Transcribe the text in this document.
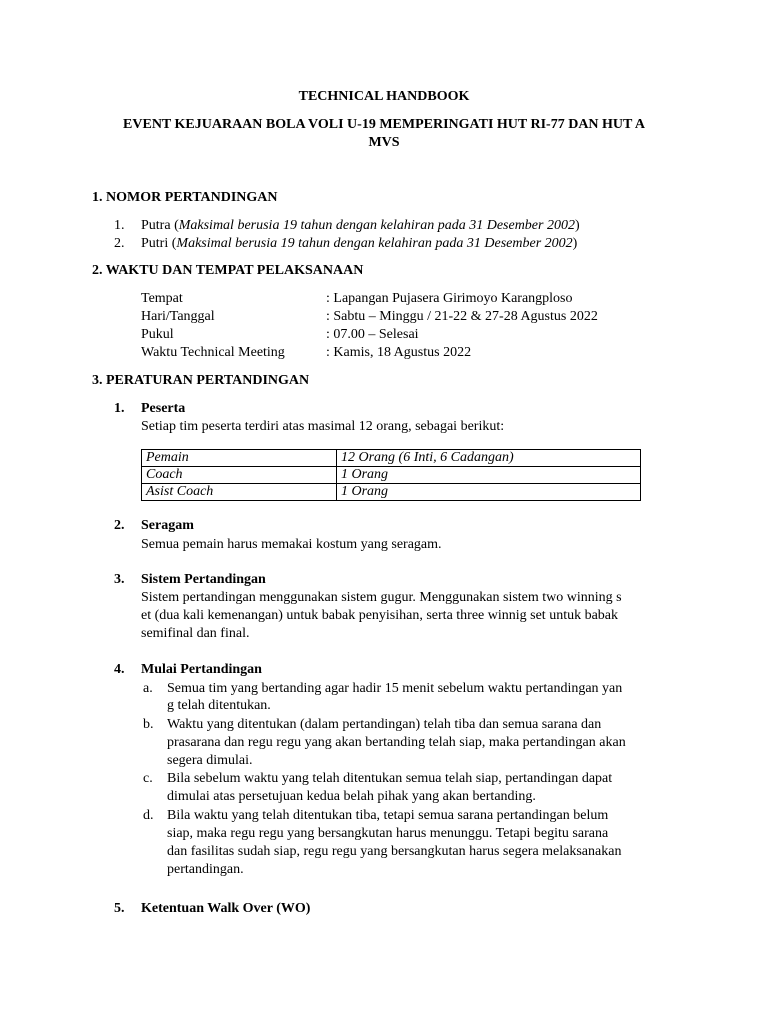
TECHNICAL HANDBOOK
EVENT KEJUARAAN BOLA VOLI U-19 MEMPERINGATI HUT RI-77 DAN HUT A
MVS
1. NOMOR PERTANDINGAN
1. Putra (Maksimal berusia 19 tahun dengan kelahiran pada 31 Desember 2002)
2. Putri (Maksimal berusia 19 tahun dengan kelahiran pada 31 Desember 2002)
2. WAKTU DAN TEMPAT PELAKSANAAN
Tempat	: Lapangan Pujasera Girimoyo Karangploso
Hari/Tanggal	: Sabtu – Minggu / 21-22 & 27-28 Agustus 2022
Pukul	: 07.00 – Selesai
Waktu Technical Meeting	: Kamis, 18 Agustus 2022
3. PERATURAN PERTANDINGAN
1. Peserta
Setiap tim peserta terdiri atas masimal 12 orang, sebagai berikut:
Pemain	12 Orang (6 Inti, 6 Cadangan)
Coach	1 Orang
Asist Coach	1 Orang
2. Seragam
Semua pemain harus memakai kostum yang seragam.
3. Sistem Pertandingan
Sistem pertandingan menggunakan sistem gugur. Menggunakan sistem two winning s
et (dua kali kemenangan) untuk babak penyisihan, serta three winnig set untuk babak
semifinal dan final.
4. Mulai Pertandingan
a. Semua tim yang bertanding agar hadir 15 menit sebelum waktu pertandingan yan
g telah ditentukan.
b. Waktu yang ditentukan (dalam pertandingan) telah tiba dan semua sarana dan
prasarana dan regu regu yang akan bertanding telah siap, maka pertandingan akan
segera dimulai.
c. Bila sebelum waktu yang telah ditentukan semua telah siap, pertandingan dapat
dimulai atas persetujuan kedua belah pihak yang akan bertanding.
d. Bila waktu yang telah ditentukan tiba, tetapi semua sarana pertandingan belum
siap, maka regu regu yang bersangkutan harus menunggu. Tetapi begitu sarana
dan fasilitas sudah siap, regu regu yang bersangkutan harus segera melaksanakan
pertandingan.
5. Ketentuan Walk Over (WO)
